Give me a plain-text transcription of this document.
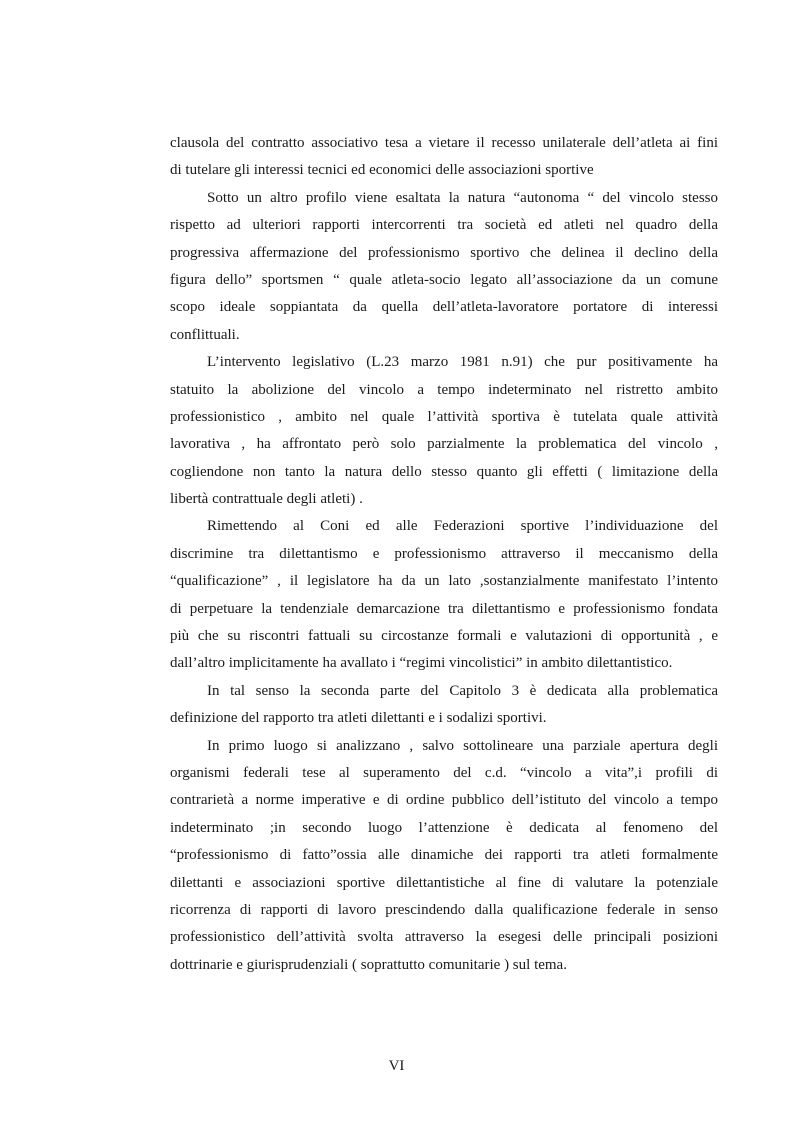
clausola del contratto associativo tesa a vietare il recesso unilaterale dell’atleta ai fini
di tutelare gli interessi tecnici ed economici delle associazioni sportive
Sotto un altro profilo viene esaltata la natura “autonoma “ del vincolo stesso
rispetto ad ulteriori rapporti intercorrenti tra società ed atleti nel quadro della
progressiva affermazione del professionismo sportivo che delinea il declino della
figura dello” sportsmen “ quale atleta-socio legato all’associazione da un comune
scopo ideale soppiantata da quella dell’atleta-lavoratore portatore di interessi
conflittuali.
L’intervento legislativo (L.23 marzo 1981 n.91) che pur positivamente ha
statuito la abolizione del vincolo a tempo indeterminato nel ristretto ambito
professionistico , ambito nel quale l’attività sportiva è tutelata quale attività
lavorativa , ha affrontato però solo parzialmente la problematica del vincolo ,
cogliendone non tanto la natura dello stesso quanto gli effetti ( limitazione della
libertà contrattuale degli atleti) .
Rimettendo al Coni ed alle Federazioni sportive l’individuazione del
discrimine tra dilettantismo e professionismo attraverso il meccanismo della
“qualificazione” , il legislatore ha da un lato ,sostanzialmente manifestato l’intento
di perpetuare la tendenziale demarcazione tra dilettantismo e professionismo fondata
più che su riscontri fattuali su circostanze formali e valutazioni di opportunità , e
dall’altro implicitamente ha avallato i “regimi vincolistici” in ambito dilettantistico.
In tal senso la seconda parte del Capitolo 3 è dedicata alla problematica
definizione del rapporto tra atleti dilettanti e i sodalizi sportivi.
In primo luogo si analizzano , salvo sottolineare una parziale apertura degli
organismi federali tese al superamento del c.d. “vincolo a vita”,i profili di
contrarietà a norme imperative e di ordine pubblico dell’istituto del vincolo a tempo
indeterminato ;in secondo luogo l’attenzione è dedicata al fenomeno del
“professionismo di fatto”ossia alle dinamiche dei rapporti tra atleti formalmente
dilettanti e associazioni sportive dilettantistiche al fine di valutare la potenziale
ricorrenza di rapporti di lavoro prescindendo dalla qualificazione federale in senso
professionistico dell’attività svolta attraverso la esegesi delle principali posizioni
dottrinarie e giurisprudenziali ( soprattutto comunitarie ) sul tema.
VI
